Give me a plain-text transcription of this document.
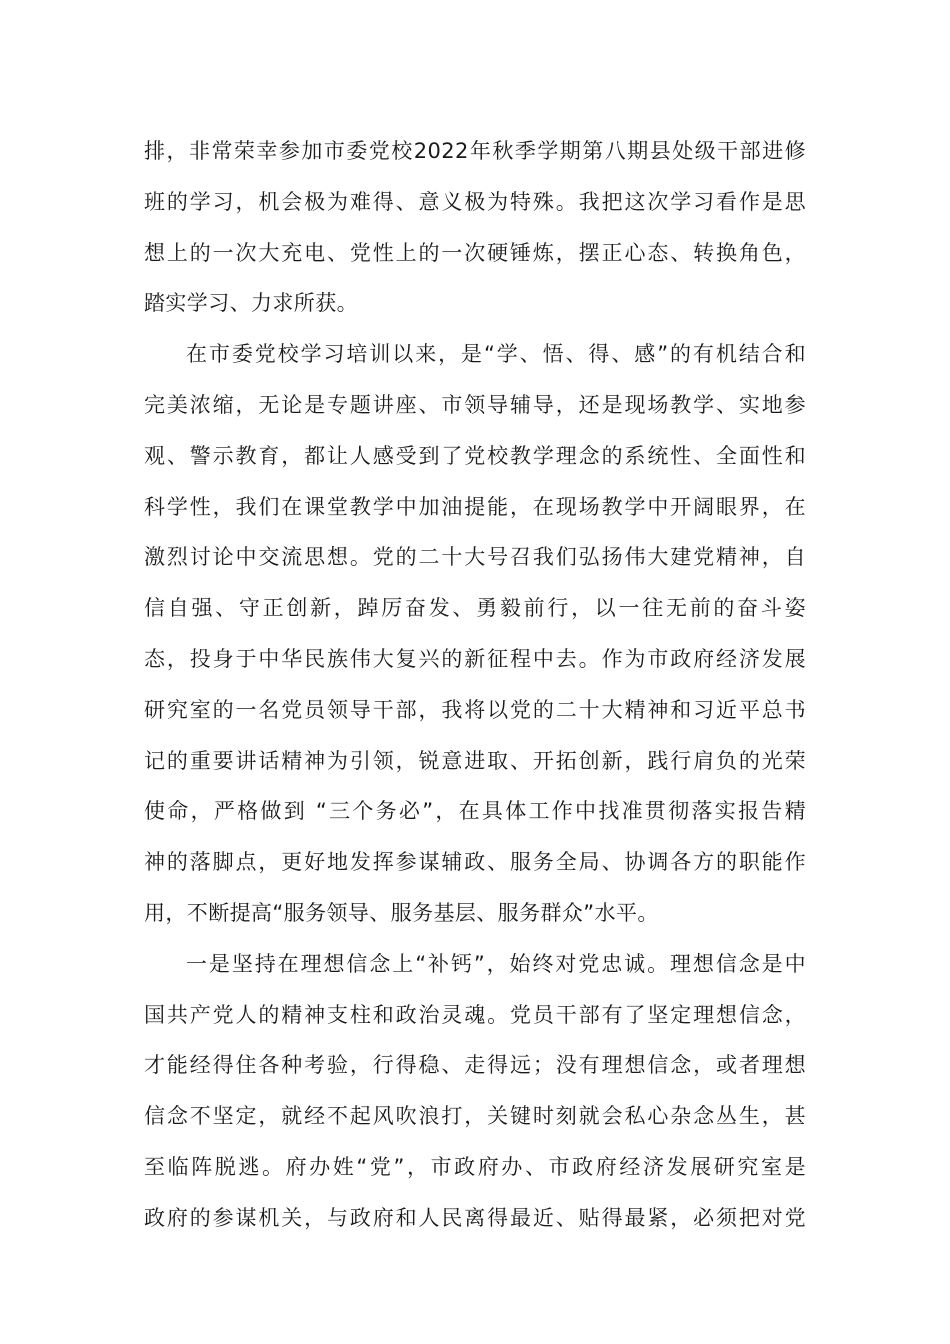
排，非常荣幸参加市委党校2022年秋季学期第八期县处级干部进修
班的学习，机会极为难得、意义极为特殊。我把这次学习看作是思
想上的一次大充电、党性上的一次硬锤炼，摆正心态、转换角色，
踏实学习、力求所获。
在市委党校学习培训以来，是“学、悟、得、感”的有机结合和
完美浓缩，无论是专题讲座、市领导辅导，还是现场教学、实地参
观、警示教育，都让人感受到了党校教学理念的系统性、全面性和
科学性，我们在课堂教学中加油提能，在现场教学中开阔眼界，在
激烈讨论中交流思想。党的二十大号召我们弘扬伟大建党精神，自
信自强、守正创新，踔厉奋发、勇毅前行，以一往无前的奋斗姿
态，投身于中华民族伟大复兴的新征程中去。作为市政府经济发展
研究室的一名党员领导干部，我将以党的二十大精神和习近平总书
记的重要讲话精神为引领，锐意进取、开拓创新，践行肩负的光荣
使命，严格做到 “三个务必”，在具体工作中找准贯彻落实报告精
神的落脚点，更好地发挥参谋辅政、服务全局、协调各方的职能作
用，不断提高“服务领导、服务基层、服务群众”水平。
一是坚持在理想信念上“补钙”，始终对党忠诚。理想信念是中
国共产党人的精神支柱和政治灵魂。党员干部有了坚定理想信念，
才能经得住各种考验，行得稳、走得远；没有理想信念，或者理想
信念不坚定，就经不起风吹浪打，关键时刻就会私心杂念丛生，甚
至临阵脱逃。府办姓“党”，市政府办、市政府经济发展研究室是
政府的参谋机关，与政府和人民离得最近、贴得最紧，必须把对党
